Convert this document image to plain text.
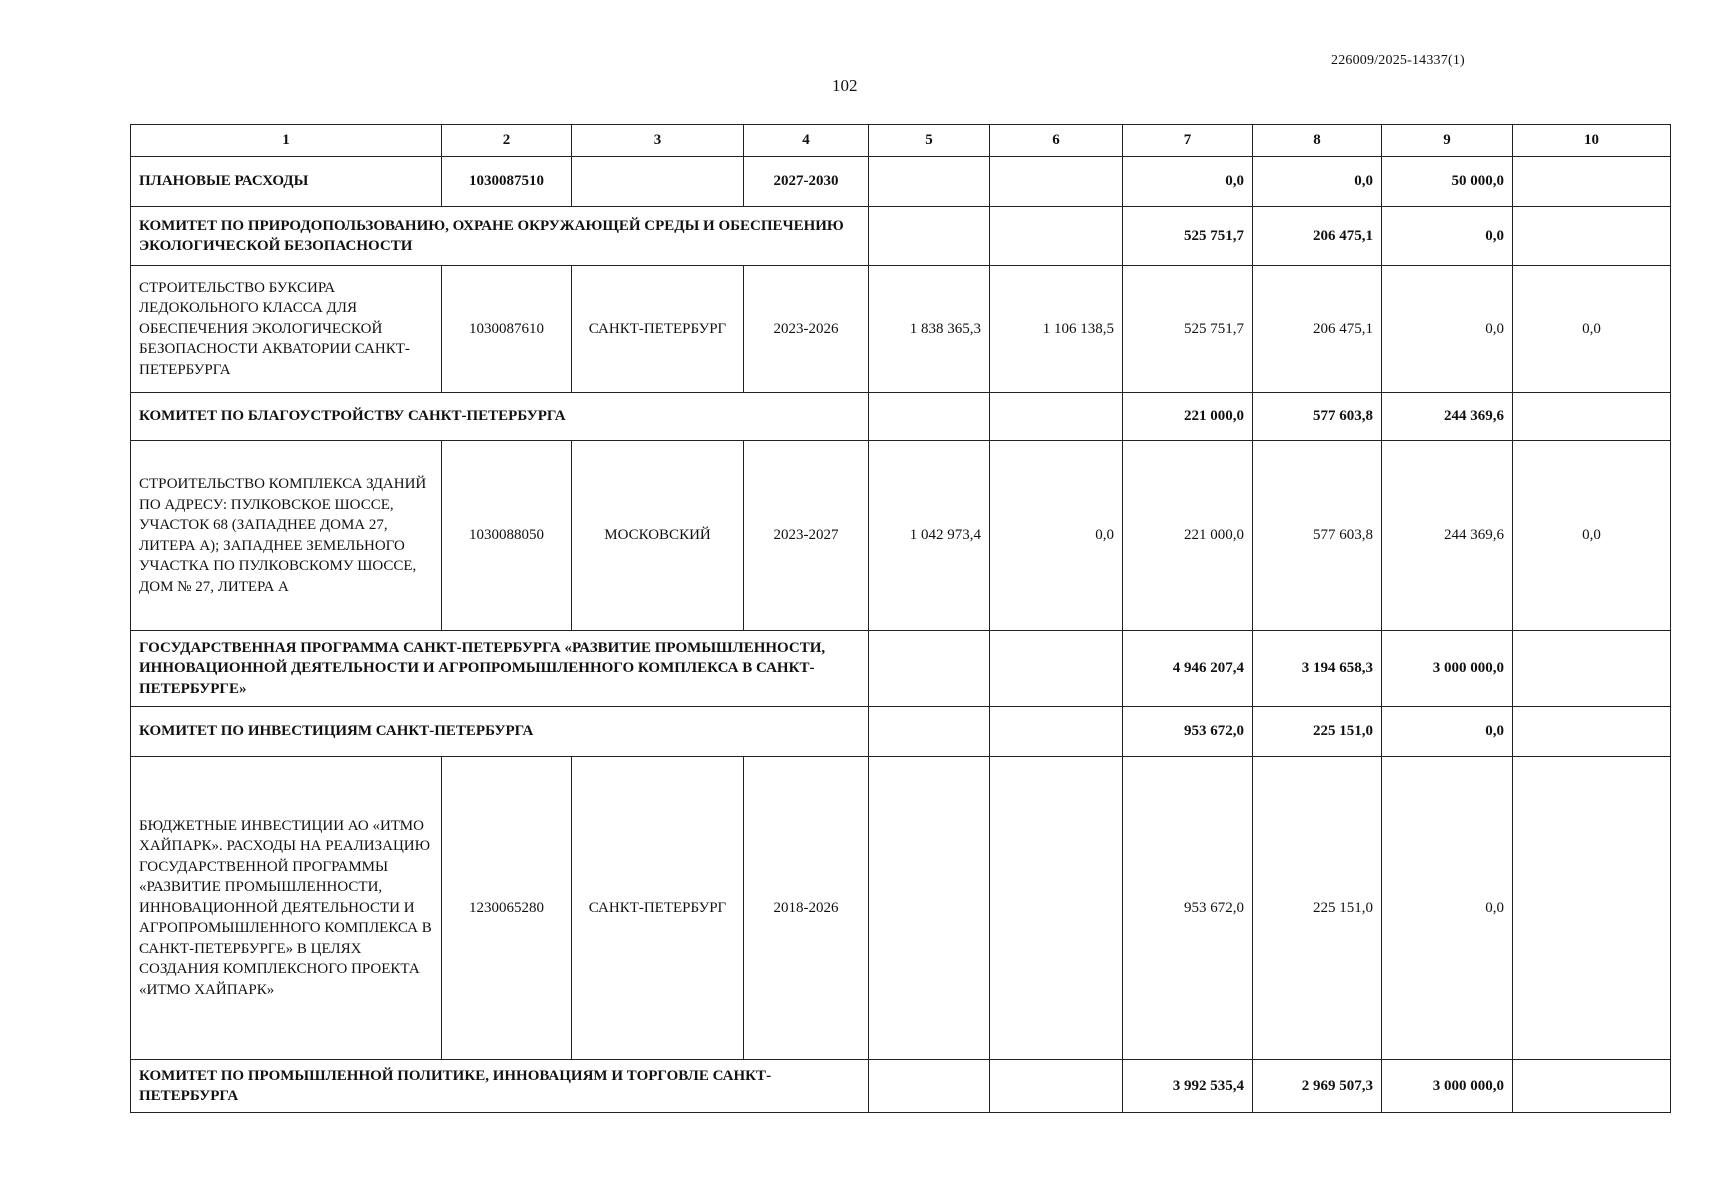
226009/2025-14337(1)
102
1	2	3	4	5	6	7	8	9	10
ПЛАНОВЫЕ РАСХОДЫ	1030087510		2027-2030			0,0	0,0	50 000,0	
КОМИТЕТ ПО ПРИРОДОПОЛЬЗОВАНИЮ, ОХРАНЕ ОКРУЖАЮЩЕЙ СРЕДЫ И ОБЕСПЕЧЕНИЮ ЭКОЛОГИЧЕСКОЙ БЕЗОПАСНОСТИ						525 751,7	206 475,1	0,0	
СТРОИТЕЛЬСТВО БУКСИРА ЛЕДОКОЛЬНОГО КЛАССА ДЛЯ ОБЕСПЕЧЕНИЯ ЭКОЛОГИЧЕСКОЙ БЕЗОПАСНОСТИ АКВАТОРИИ САНКТ-ПЕТЕРБУРГА	1030087610	САНКТ-ПЕТЕРБУРГ	2023-2026	1 838 365,3	1 106 138,5	525 751,7	206 475,1	0,0	0,0
КОМИТЕТ ПО БЛАГОУСТРОЙСТВУ САНКТ-ПЕТЕРБУРГА						221 000,0	577 603,8	244 369,6	
СТРОИТЕЛЬСТВО КОМПЛЕКСА ЗДАНИЙ ПО АДРЕСУ: ПУЛКОВСКОЕ ШОССЕ, УЧАСТОК 68 (ЗАПАДНЕЕ ДОМА 27, ЛИТЕРА А); ЗАПАДНЕЕ ЗЕМЕЛЬНОГО УЧАСТКА ПО ПУЛКОВСКОМУ ШОССЕ, ДОМ № 27, ЛИТЕРА А	1030088050	МОСКОВСКИЙ	2023-2027	1 042 973,4	0,0	221 000,0	577 603,8	244 369,6	0,0
ГОСУДАРСТВЕННАЯ ПРОГРАММА САНКТ-ПЕТЕРБУРГА «РАЗВИТИЕ ПРОМЫШЛЕННОСТИ, ИННОВАЦИОННОЙ ДЕЯТЕЛЬНОСТИ И АГРОПРОМЫШЛЕННОГО КОМПЛЕКСА В САНКТ-ПЕТЕРБУРГЕ»						4 946 207,4	3 194 658,3	3 000 000,0	
КОМИТЕТ ПО ИНВЕСТИЦИЯМ САНКТ-ПЕТЕРБУРГА						953 672,0	225 151,0	0,0	
БЮДЖЕТНЫЕ ИНВЕСТИЦИИ АО «ИТМО ХАЙПАРК». РАСХОДЫ НА РЕАЛИЗАЦИЮ ГОСУДАРСТВЕННОЙ ПРОГРАММЫ «РАЗВИТИЕ ПРОМЫШЛЕННОСТИ, ИННОВАЦИОННОЙ ДЕЯТЕЛЬНОСТИ И АГРОПРОМЫШЛЕННОГО КОМПЛЕКСА В САНКТ-ПЕТЕРБУРГЕ» В ЦЕЛЯХ СОЗДАНИЯ КОМПЛЕКСНОГО ПРОЕКТА «ИТМО ХАЙПАРК»	1230065280	САНКТ-ПЕТЕРБУРГ	2018-2026			953 672,0	225 151,0	0,0	
КОМИТЕТ ПО ПРОМЫШЛЕННОЙ ПОЛИТИКЕ, ИННОВАЦИЯМ И ТОРГОВЛЕ САНКТ-ПЕТЕРБУРГА						3 992 535,4	2 969 507,3	3 000 000,0	
